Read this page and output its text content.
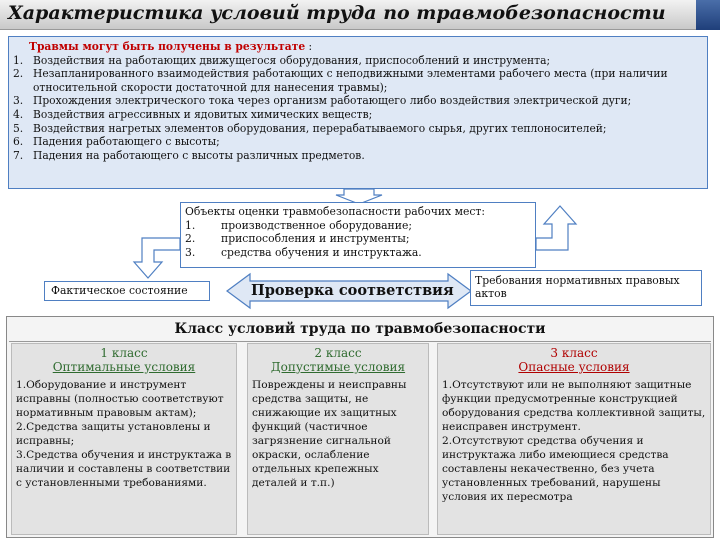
Характеристика условий труда по травмобезопасности
Травмы могут быть получены в результате :
1. Воздействия на работающих движущегося оборудования, приспособлений и инструмента;
2. Незапланированного взаимодействия работающих с неподвижными элементами рабочего места (при наличии относительной скорости достаточной для нанесения травмы);
3. Прохождения электрического тока через организм работающего либо воздействия электрической дуги;
4. Воздействия агрессивных и ядовитых химических веществ;
5. Воздействия нагретых элементов оборудования, перерабатываемого сырья, других теплоносителей;
6. Падения работающего с высоты;
7. Падения на работающего с высоты различных предметов.
Объекты оценки травмобезопасности рабочих мест:
1. производственное оборудование;
2. приспособления и инструменты;
3. средства обучения и инструктажа.
Фактическое состояние	Проверка соответствия
Требования нормативных правовых актов
Класс условий труда по травмобезопасности
1 класс
Оптимальные условия
1.Оборудование и инструмент исправны (полностью соответствуют нормативным правовым актам);
2.Средства защиты установлены и исправны;
3.Средства обучения и инструктажа в наличии и составлены в соответствии с установленными требованиями.
2 класс
Допустимые условия
Повреждены и неисправны средства защиты, не снижающие их защитных функций (частичное загрязнение сигнальной окраски, ослабление отдельных крепежных деталей и т.п.)
3 класс
Опасные условия
1.Отсутствуют или не выполняют защитные функции предусмотренные конструкцией оборудования средства коллективной защиты, неисправен инструмент.
2.Отсутствуют средства обучения и инструктажа либо имеющиеся средства составлены некачественно, без учета установленных требований, нарушены условия их пересмотра
